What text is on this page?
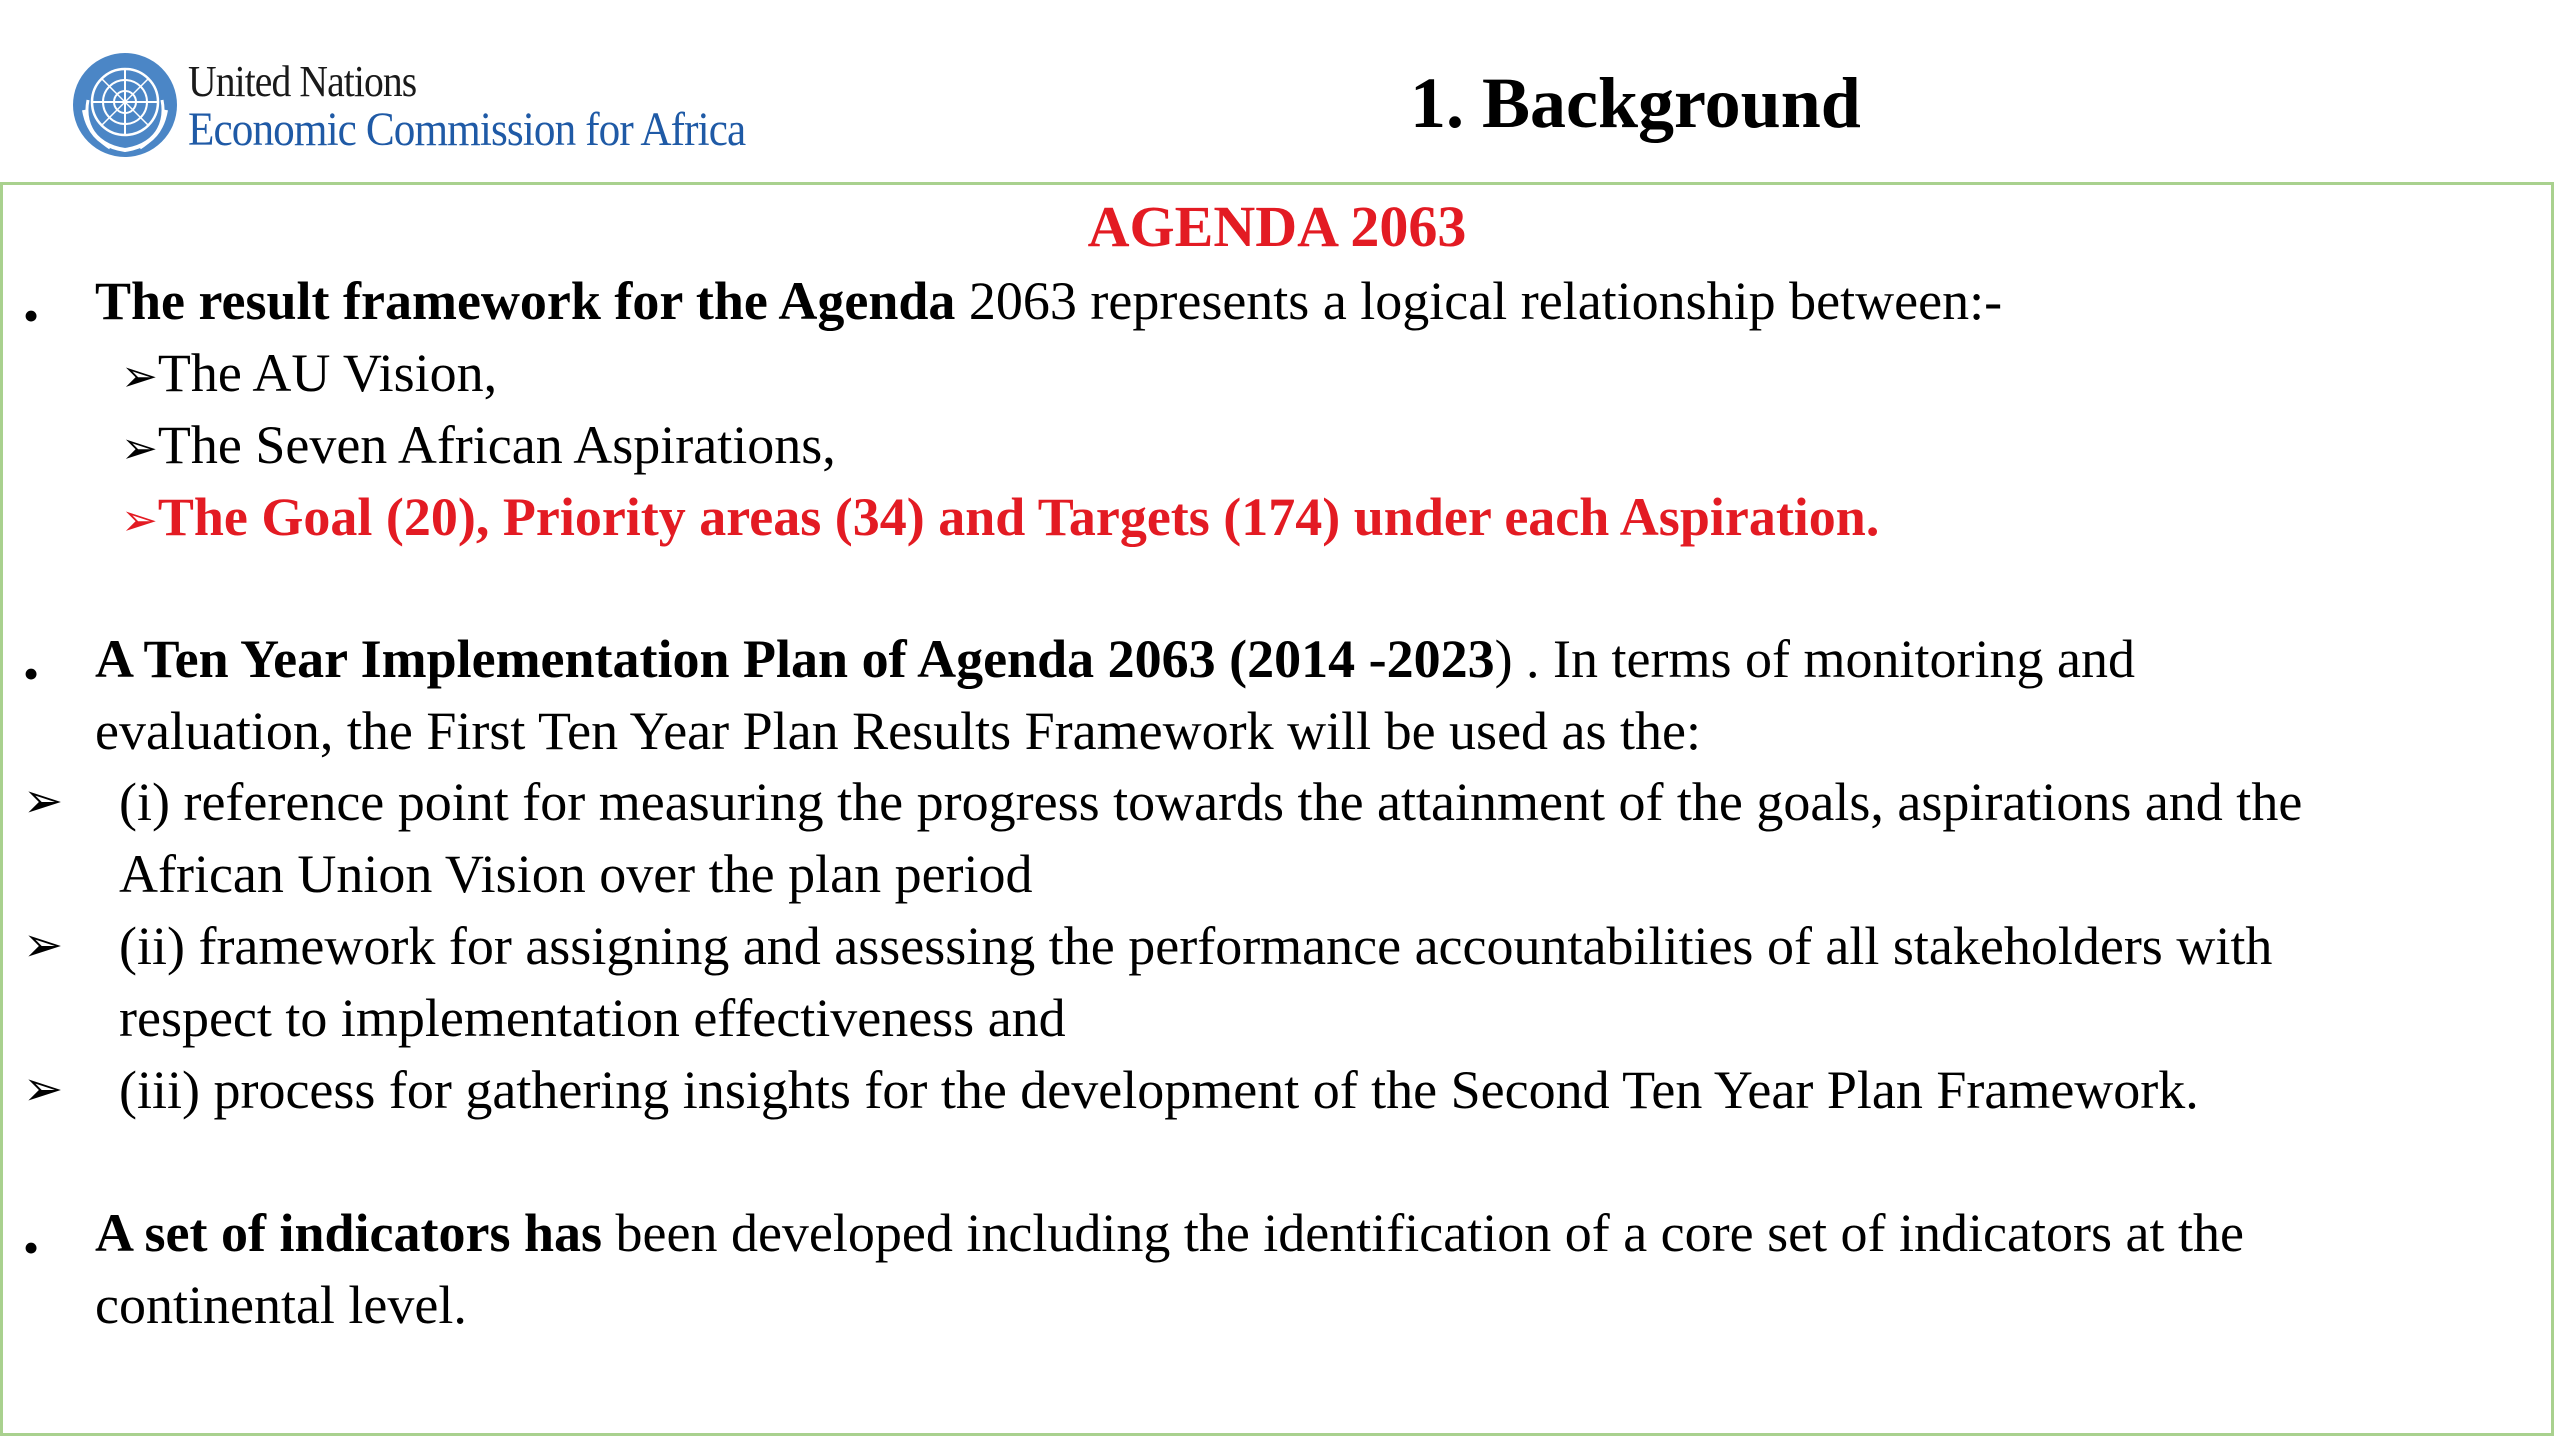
United Nations
Economic Commission for Africa	1. Background
AGENDA 2063
• The result framework for the Agenda 2063 represents a logical relationship between:-
➢The AU Vision,
➢The Seven African Aspirations,
➢The Goal (20), Priority areas (34) and Targets (174) under each Aspiration.
• A Ten Year Implementation Plan of Agenda 2063 (2014 -2023) . In terms of monitoring and
evaluation, the First Ten Year Plan Results Framework will be used as the:
➢ (i) reference point for measuring the progress towards the attainment of the goals, aspirations and the
African Union Vision over the plan period
➢ (ii) framework for assigning and assessing the performance accountabilities of all stakeholders with
respect to implementation effectiveness and
➢ (iii) process for gathering insights for the development of the Second Ten Year Plan Framework.
• A set of indicators has been developed including the identification of a core set of indicators at the
continental level.
